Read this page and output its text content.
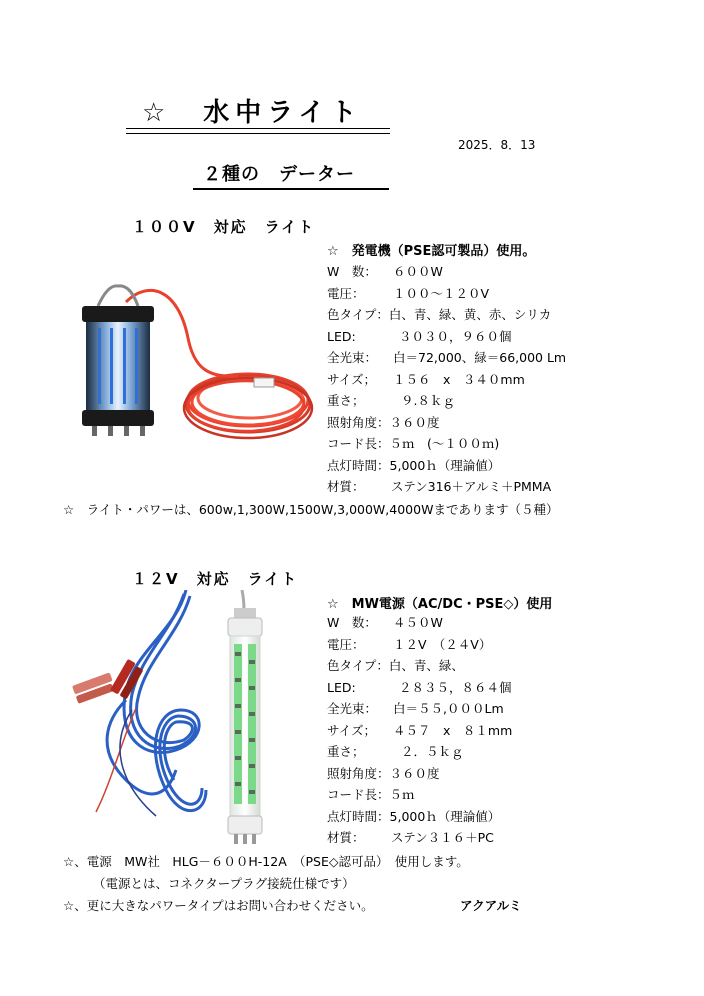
☆　水中ライト
2025．8．13
２種の　データー
１００V　対応　ライト
☆　発電機（PSE認可製品）使用。
W　数：	６００W
電圧：	１００〜１２０V
色タイプ： 白、青、緑、黄、赤、シリカ
LED:	３０３０，９６０個
全光束：	白＝72,000、緑＝66,000 Lm
サイズ；	１５６　x　３４０mm
重さ；	９.８ｋｇ
照射角度： ３６０度
コード長： ５ｍ　(〜１００ｍ)
点灯時間： 5,000ｈ（理論値）
材質：	ステン316＋アルミ＋PMMA
☆　ライト・パワーは、600w,1,300W,1500W,3,000W,4000Wまであります（５種）
１２V　対応　ライト
☆　MW電源（AC/DC・PSE◇）使用
W　数：	４５０W
電圧：	１２V　（２４V）
色タイプ： 白、青、緑、
LED:	２８３５，８６４個
全光束：	白＝５５,０００Lm
サイズ；	４５７　x　８１mm
重さ；	２．５ｋｇ
照射角度： ３６０度
コード長： ５ｍ
点灯時間： 5,000ｈ（理論値）
材質：	ステン３１６＋PC
☆、電源　MW社　HLG－６００H-12A　（PSE◇認可品）　使用します。
（電源とは、コネクタープラグ接続仕様です）
☆、更に大きなパワータイプはお問い合わせください。	アクアルミ
